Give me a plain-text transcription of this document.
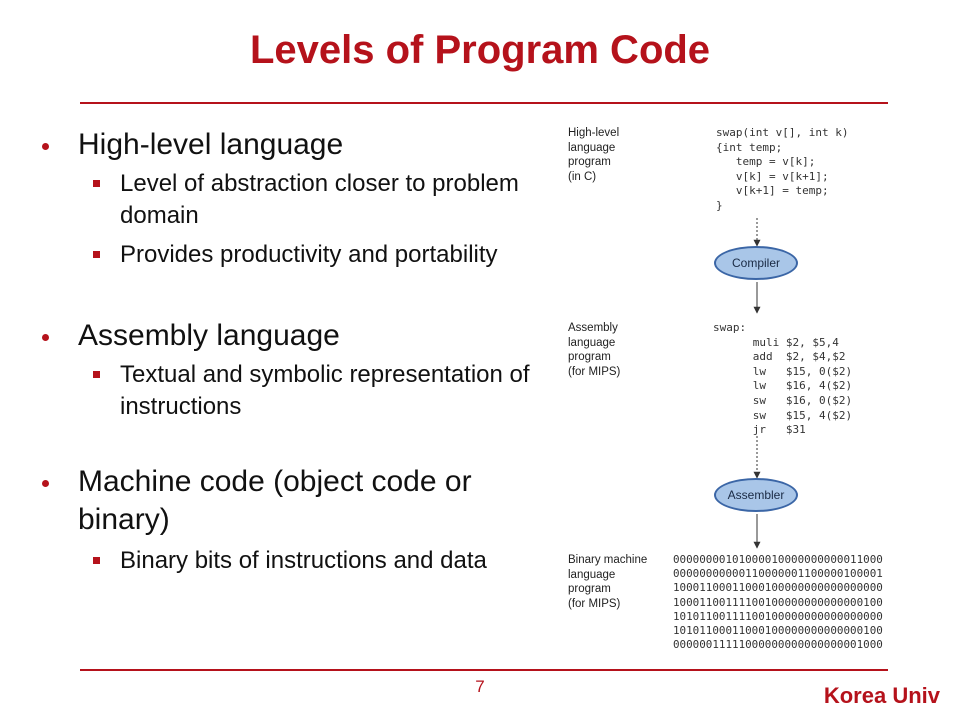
Levels of Program Code
High-level language
Level of abstraction closer to problem domain
Provides productivity and portability
Assembly language
Textual and symbolic representation of instructions
Machine code (object code or binary)
Binary bits of instructions and data
High-level
language
program
(in C)
swap(int v[], int k)
{int temp;
temp = v[k];
v[k] = v[k+1];
v[k+1] = temp;
}
Compiler
Assembly
language
program
(for MIPS)
swap:
muli $2, $5,4
add  $2, $4,$2
lw   $15, 0($2)
lw   $16, 4($2)
sw   $16, 0($2)
sw   $15, 4($2)
jr   $31
Assembler
Binary machine
language
program
(for MIPS)
00000000101000010000000000011000
00000000000110000001100000100001
10001100011000100000000000000000
10001100111100100000000000000100
10101100111100100000000000000000
10101100011000100000000000000100
00000011111000000000000000001000
7	Korea Univ
